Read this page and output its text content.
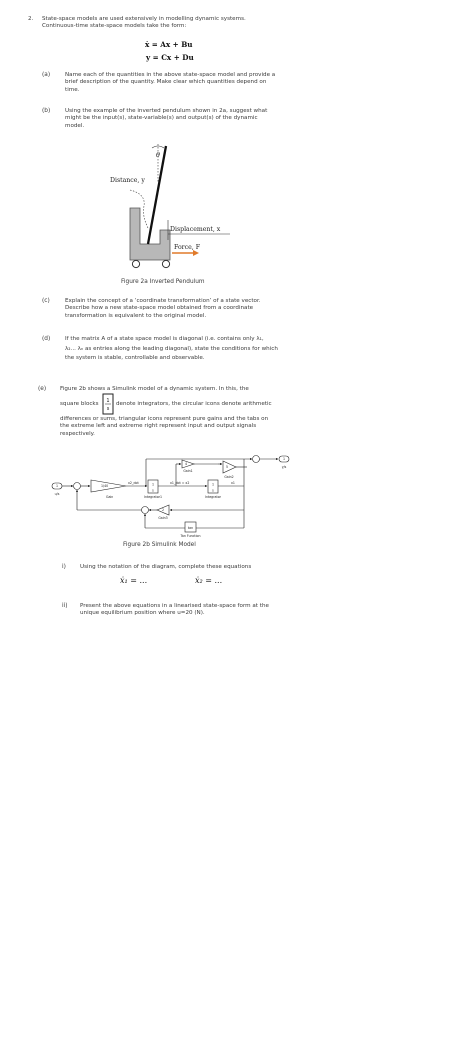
2. State-space models are used extensively in modelling dynamic systems.
Continuous-time state-space models take the form:
ẋ = Ax + Bu
y = Cx + Du
(a)	Name each of the quantities in the above state-space model and provide a
brief description of the quantity. Make clear which quantities depend on
time.
(b)	Using the example of the inverted pendulum shown in 2a, suggest what
might be the input(s), state-variable(s) and output(s) of the dynamic
model.
θ
Distance, y
Displacement, x
Force, F
Figure 2a Inverted Pendulum
(c)	Explain the concept of a ‘coordinate transformation’ of a state vector.
Describe how a new state-space model obtained from a coordinate
transformation is equivalent to the original model.
(d)	If the matrix A of a state space model is diagonal (i.e. contains only λ₁,
λ₂... λₙ as entries along the leading diagonal), state the conditions for which
the system is stable, controllable and observable.
(e) Figure 2b shows a Simulink model of a dynamic system. In this, the
square blocks 1
s
denote integrators, the circular icons denote arithmetic
differences or sums, triangular icons represent pure gains and the tabs on
the extreme left and extreme right represent input and output signals
respectively.
1
u/s
1
y/s
1/40
Gain
x2_dot	x1_dot = x2	x1
1
s
1
s
Integrator1	Integrator
4
Gain1
5
Gain2
2
Gain3
tan
Tan Function
Figure 2b Simulink Model
i)	Using the notation of the diagram, complete these equations
ẋ₁ = ...	ẋ₂ = ...
ii) Present the above equations in a linearised state-space form at the
unique equilibrium position where u=20 (N).
